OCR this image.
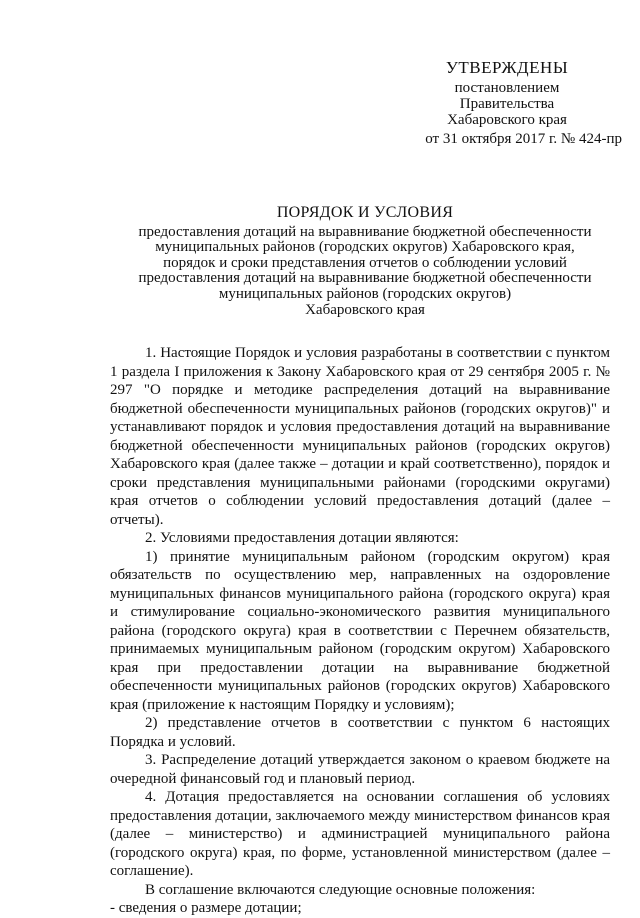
УТВЕРЖДЕНЫ
постановлением
Правительства
Хабаровского края
от 31 октября 2017 г. № 424-пр
ПОРЯДОК И УСЛОВИЯ
предоставления дотаций на выравнивание бюджетной обеспеченности
муниципальных районов (городских округов) Хабаровского края,
порядок и сроки представления отчетов о соблюдении условий
предоставления дотаций на выравнивание бюджетной обеспеченности
муниципальных районов (городских округов)
Хабаровского края

1. Настоящие Порядок и условия разработаны в соответствии с пунктом 1 раздела I приложения к Закону Хабаровского края от 29 сентября 2005 г. № 297 "О порядке и методике распределения дотаций на выравнивание бюджетной обеспеченности муниципальных районов (городских округов)" и устанавливают порядок и условия предоставления дотаций на выравнивание бюджетной обеспеченности муниципальных районов (городских округов) Хабаровского края (далее также – дотации и край соответственно), порядок и сроки представления муниципальными районами (городскими округами) края отчетов о соблюдении условий предоставления дотаций (далее – отчеты).

2. Условиями предоставления дотации являются:

1) принятие муниципальным районом (городским округом) края обязательств по осуществлению мер, направленных на оздоровление муниципальных финансов муниципального района (городского округа) края и стимулирование социально-экономического развития муниципального района (городского округа) края в соответствии с Перечнем обязательств, принимаемых муниципальным районом (городским округом) Хабаровского края при предоставлении дотации на выравнивание бюджетной обеспеченности муниципальных районов (городских округов) Хабаровского края (приложение к настоящим Порядку и условиям);

2) представление отчетов в соответствии с пунктом 6 настоящих Порядка и условий.

3. Распределение дотаций утверждается законом о краевом бюджете на очередной финансовый год и плановый период.

4. Дотация предоставляется на основании соглашения об условиях предоставления дотации, заключаемого между министерством финансов края (далее – министерство) и администрацией муниципального района (городского округа) края, по форме, установленной министерством (далее – соглашение).

В соглашение включаются следующие основные положения:

- сведения о размере дотации;
